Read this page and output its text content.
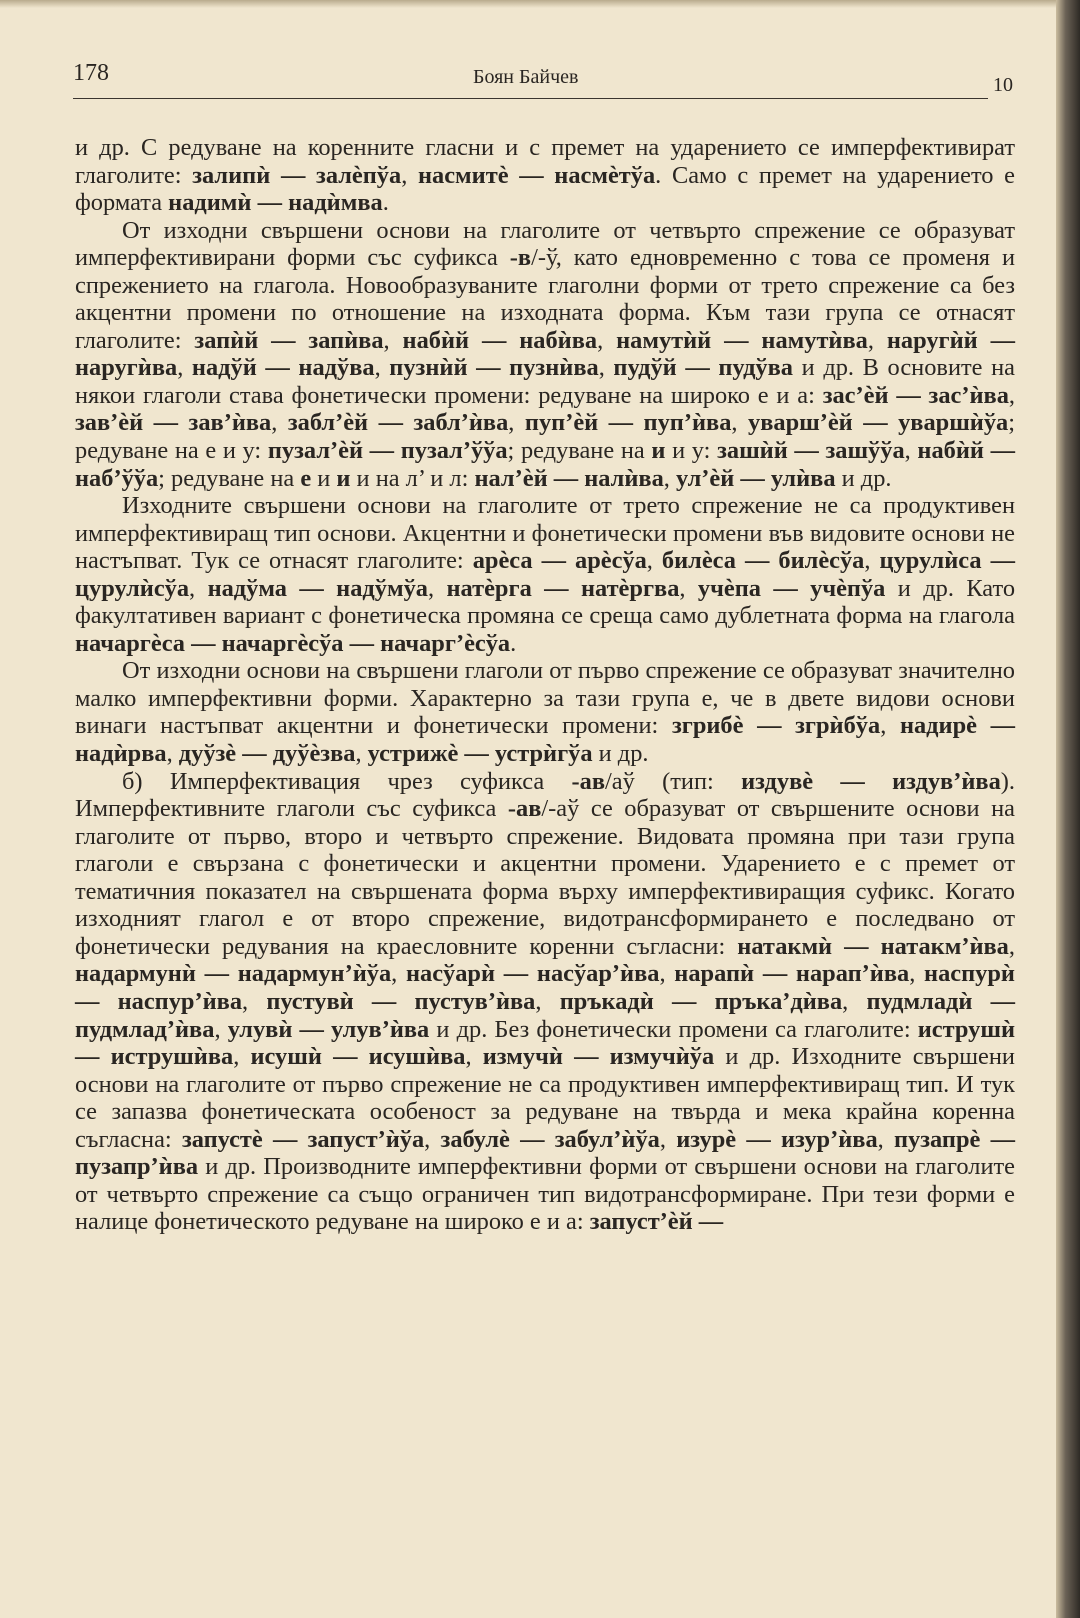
178	Боян Байчев	10

и др. С редуване на коренните гласни и с премет на ударението се имперфективират глаголите: залипѝ — залѐпўа, насмитѐ — насмѐтўа. Само с премет на ударението е формата надимѝ — надѝмва.

От изходни свършени основи на глаголите от четвърто спрежение се образуват имперфективирани форми със суфикса -в/-ў, като едновременно с това се променя и спрежението на глагола. Новообразуваните глаголни форми от трето спрежение са без акцентни промени по отношение на изходната форма. Към тази група се отнасят глаголите: запѝй — запѝва, набѝй — набѝва, намутѝй — намутѝва, наругѝй — наругѝва, надўй — надўва, пузнѝй — пузнѝва, пудўй — пудўва и др. В основите на някои глаголи става фонетически промени: редуване на широко е и а: зас’ѐй — зас’ѝва, зав’ѐй — зав’ѝва, забл’ѐй — забл’ѝва, пуп’ѐй — пуп’ѝва, уварш’ѐй — уваршѝўа; редуване на е и у: пузал’ѐй — пузал’ўўа; редуване на и и у: зашѝй — зашўўа, набѝй — наб’ўўа; редуване на е и и и на л’ и л: нал’ѐй — налѝва, ул’ѐй — улѝва и др.

Изходните свършени основи на глаголите от трето спрежение не са продуктивен имперфективиращ тип основи. Акцентни и фонетически промени във видовите основи не настъпват. Тук се отнасят глаголите: арѐса — арѐсўа, билѐса — билѐсўа, цурулѝса — цурулѝсўа, надўма — надўмўа, натѐрга — натѐргва, учѐпа — учѐпўа и др. Като факултативен вариант с фонетическа промяна се среща само дублетната форма на глагола начаргѐса — начаргѐсўа — начарг’ѐсўа.

От изходни основи на свършени глаголи от първо спрежение се образуват значително малко имперфективни форми. Характерно за тази група е, че в двете видови основи винаги настъпват акцентни и фонетически промени: згрибѐ — згрѝбўа, надирѐ — надѝрва, дуўзѐ — дуўѐзва, устрижѐ — устрѝгўа и др.

б) Имперфективация чрез суфикса -ав/аў (тип: издувѐ — издув’ѝва). Имперфективните глаголи със суфикса -ав/-аў се образуват от свършените основи на глаголите от първо, второ и четвърто спрежение. Видовата промяна при тази група глаголи е свързана с фонетически и акцентни промени. Ударението е с премет от тематичния показател на свършената форма върху имперфективиращия суфикс. Когато изходният глагол е от второ спрежение, видотрансформирането е последвано от фонетически редувания на краесловните коренни съгласни: натакмѝ — натакм’ѝва, надармунѝ — надармун’ѝўа, насўарѝ — насўар’ѝва, нарапѝ — нарап’ѝва, наспурѝ — наспур’ѝва, пустувѝ — пустув’ѝва, пръкадѝ — пръка’дѝва, пудмладѝ — пудмлад’ѝва, улувѝ — улув’ѝва и др. Без фонетически промени са глаголите: иструшѝ — иструшѝва, исушѝ — исушѝва, измучѝ — измучѝўа и др. Изходните свършени основи на глаголите от първо спрежение не са продуктивен имперфективиращ тип. И тук се запазва фонетическата особеност за редуване на твърда и мека крайна коренна съгласна: запустѐ — запуст’ѝўа, забулѐ — забул’ѝўа, изурѐ — изур’ѝва, пузапрѐ — пузапр’ѝва и др. Производните имперфективни форми от свършени основи на глаголите от четвърто спрежение са също ограничен тип видотрансформиране. При тези форми е налице фонетическото редуване на широко е и а: запуст’ѐй —
